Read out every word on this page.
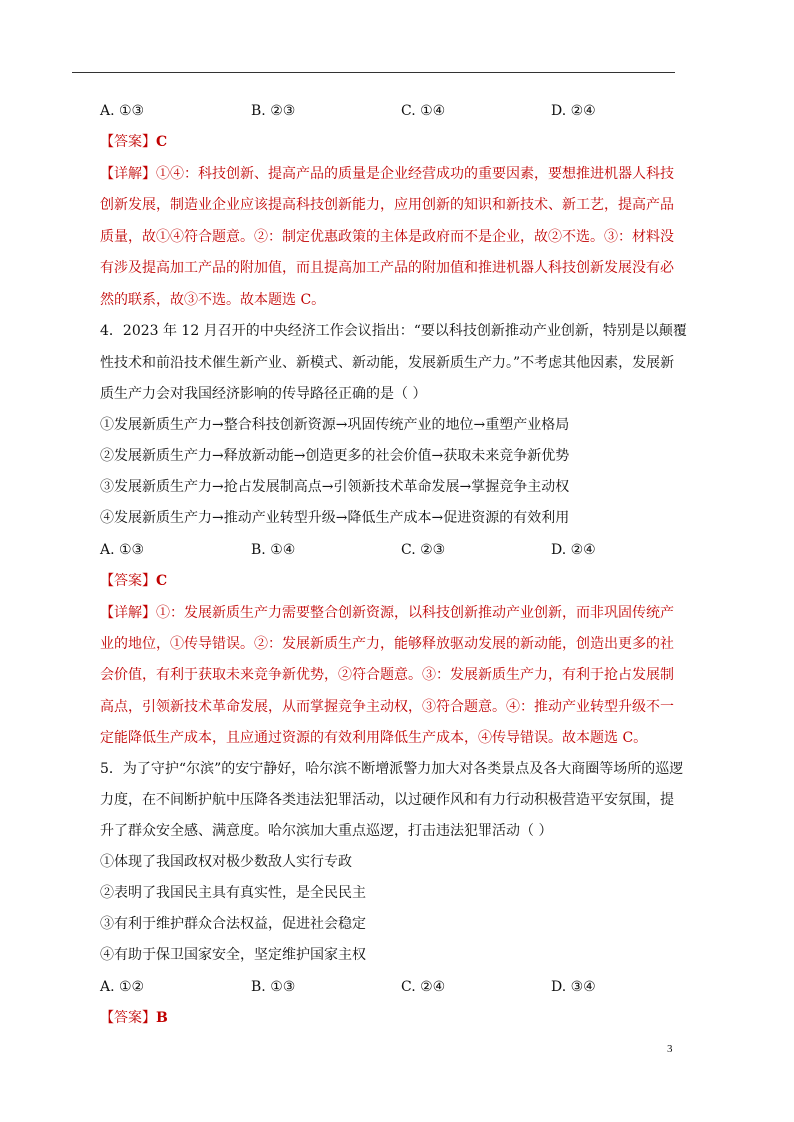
A. ①③	B. ②③	C. ①④	D. ②④
【答案】C
【详解】①④：科技创新、提高产品的质量是企业经营成功的重要因素，要想推进机器人科技
创新发展，制造业企业应该提高科技创新能力，应用创新的知识和新技术、新工艺，提高产品
质量，故①④符合题意。②：制定优惠政策的主体是政府而不是企业，故②不选。③：材料没
有涉及提高加工产品的附加值，而且提高加工产品的附加值和推进机器人科技创新发展没有必
然的联系，故③不选。故本题选 C。
4．2023 年 12 月召开的中央经济工作会议指出：“要以科技创新推动产业创新，特别是以颠覆
性技术和前沿技术催生新产业、新模式、新动能，发展新质生产力。”不考虑其他因素，发展新
质生产力会对我国经济影响的传导路径正确的是（ ）
①发展新质生产力→整合科技创新资源→巩固传统产业的地位→重塑产业格局
②发展新质生产力→释放新动能→创造更多的社会价值→获取未来竞争新优势
③发展新质生产力→抢占发展制高点→引领新技术革命发展→掌握竞争主动权
④发展新质生产力→推动产业转型升级→降低生产成本→促进资源的有效利用
A. ①③	B. ①④	C. ②③	D. ②④
【答案】C
【详解】①：发展新质生产力需要整合创新资源，以科技创新推动产业创新，而非巩固传统产
业的地位，①传导错误。②：发展新质生产力，能够释放驱动发展的新动能，创造出更多的社
会价值，有利于获取未来竞争新优势，②符合题意。③：发展新质生产力，有利于抢占发展制
高点，引领新技术革命发展，从而掌握竞争主动权，③符合题意。④：推动产业转型升级不一
定能降低生产成本，且应通过资源的有效利用降低生产成本，④传导错误。故本题选 C。
5．为了守护“尔滨”的安宁静好，哈尔滨不断增派警力加大对各类景点及各大商圈等场所的巡逻
力度，在不间断护航中压降各类违法犯罪活动，以过硬作风和有力行动积极营造平安氛围，提
升了群众安全感、满意度。哈尔滨加大重点巡逻，打击违法犯罪活动（ ）
①体现了我国政权对极少数敌人实行专政
②表明了我国民主具有真实性，是全民民主
③有利于维护群众合法权益，促进社会稳定
④有助于保卫国家安全，坚定维护国家主权
A. ①②	B. ①③	C. ②④	D. ③④
【答案】B
3
